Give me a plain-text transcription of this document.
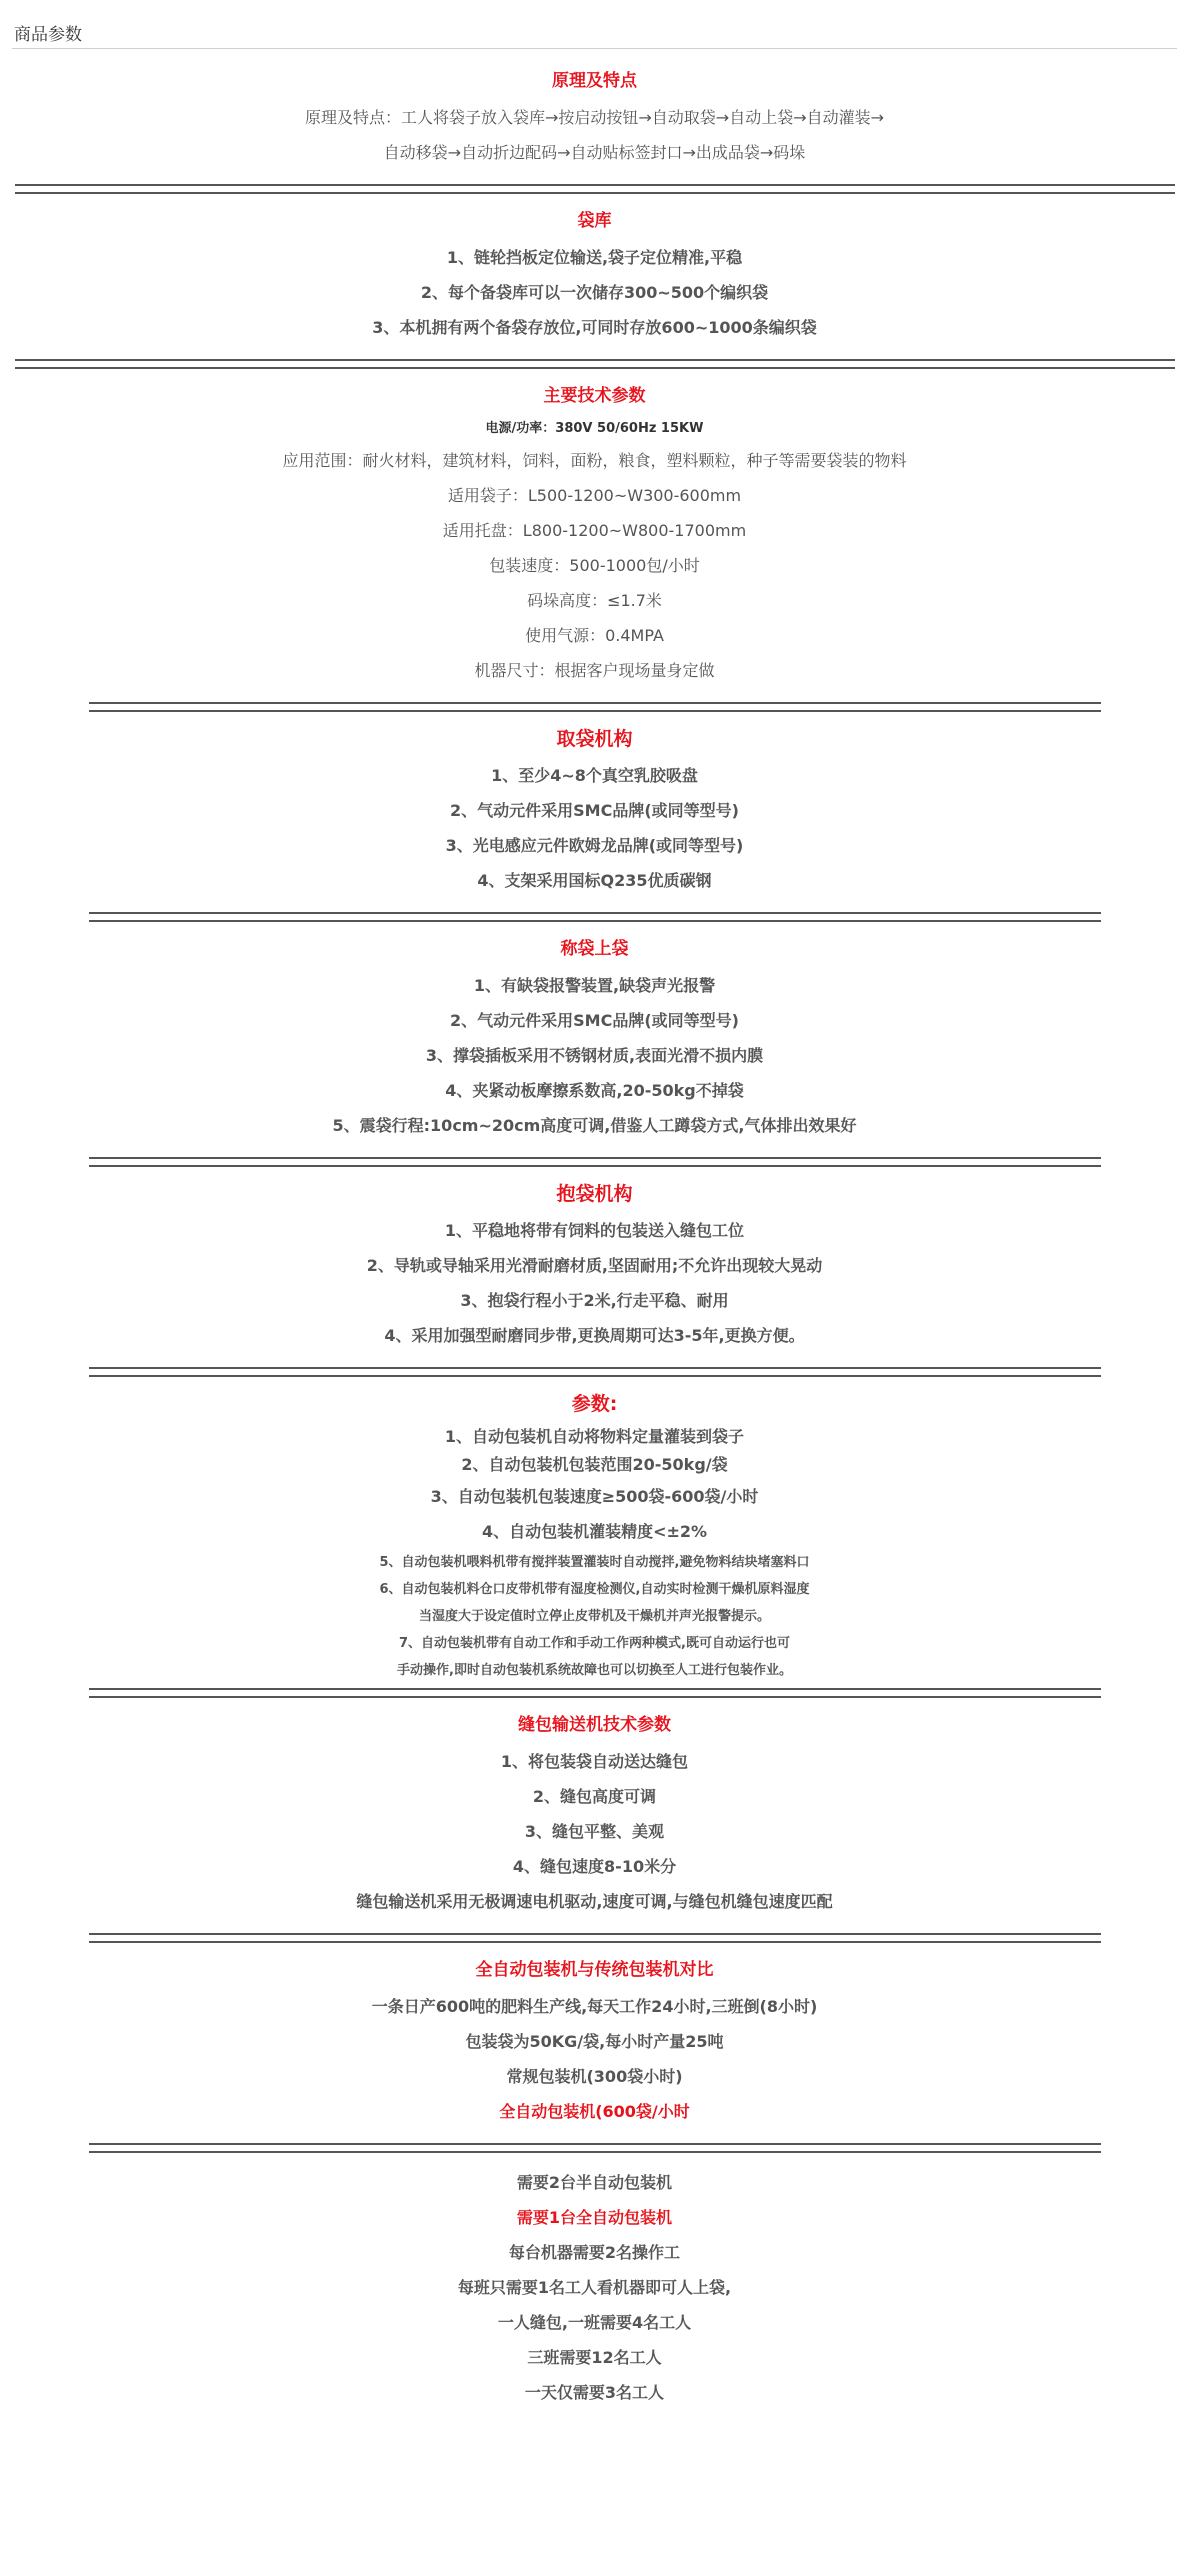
商品参数
原理及特点
原理及特点：工人将袋子放入袋库→按启动按钮→自动取袋→自动上袋→自动灌装→
自动移袋→自动折边配码→自动贴标签封口→出成品袋→码垛
袋库
1、链轮挡板定位输送,袋子定位精准,平稳
2、每个备袋库可以一次储存300~500个编织袋
3、本机拥有两个备袋存放位,可同时存放600~1000条编织袋
主要技术参数
电源/功率：380V 50/60Hz 15KW
应用范围：耐火材料，建筑材料，饲料，面粉，粮食，塑料颗粒，种子等需要袋装的物料
适用袋子：L500-1200~W300-600mm
适用托盘：L800-1200~W800-1700mm
包装速度：500-1000包/小时
码垛高度：≤1.7米
使用气源：0.4MPA
机器尺寸：根据客户现场量身定做
取袋机构
1、至少4~8个真空乳胶吸盘
2、气动元件采用SMC品牌(或同等型号)
3、光电感应元件欧姆龙品牌(或同等型号)
4、支架采用国标Q235优质碳钢
称袋上袋
1、有缺袋报警装置,缺袋声光报警
2、气动元件采用SMC品牌(或同等型号)
3、撑袋插板采用不锈钢材质,表面光滑不损内膜
4、夹紧动板摩擦系数高,20-50kg不掉袋
5、震袋行程:10cm~20cm高度可调,借鉴人工蹲袋方式,气体排出效果好
抱袋机构
1、平稳地将带有饲料的包装送入缝包工位
2、导轨或导轴采用光滑耐磨材质,坚固耐用;不允许出现较大晃动
3、抱袋行程小于2米,行走平稳、耐用
4、采用加强型耐磨同步带,更换周期可达3-5年,更换方便。
参数:
1、自动包装机自动将物料定量灌装到袋子
2、自动包装机包装范围20-50kg/袋
3、自动包装机包装速度≥500袋-600袋/小时
4、自动包装机灌装精度<±2%
5、自动包装机喂料机带有搅拌装置灌装时自动搅拌,避免物料结块堵塞料口
6、自动包装机料仓口皮带机带有湿度检测仪,自动实时检测干燥机原料湿度
当湿度大于设定值时立停止皮带机及干燥机并声光报警提示。
7、自动包装机带有自动工作和手动工作两种模式,既可自动运行也可
手动操作,即时自动包装机系统故障也可以切换至人工进行包装作业。
缝包输送机技术参数
1、将包装袋自动送达缝包
2、缝包高度可调
3、缝包平整、美观
4、缝包速度8-10米分
缝包输送机采用无极调速电机驱动,速度可调,与缝包机缝包速度匹配
全自动包装机与传统包装机对比
一条日产600吨的肥料生产线,每天工作24小时,三班倒(8小时)
包装袋为50KG/袋,每小时产量25吨
常规包装机(300袋小时)
全自动包装机(600袋/小时
需要2台半自动包装机
需要1台全自动包装机
每台机器需要2名操作工
每班只需要1名工人看机器即可人上袋,
一人缝包,一班需要4名工人
三班需要12名工人
一天仅需要3名工人
